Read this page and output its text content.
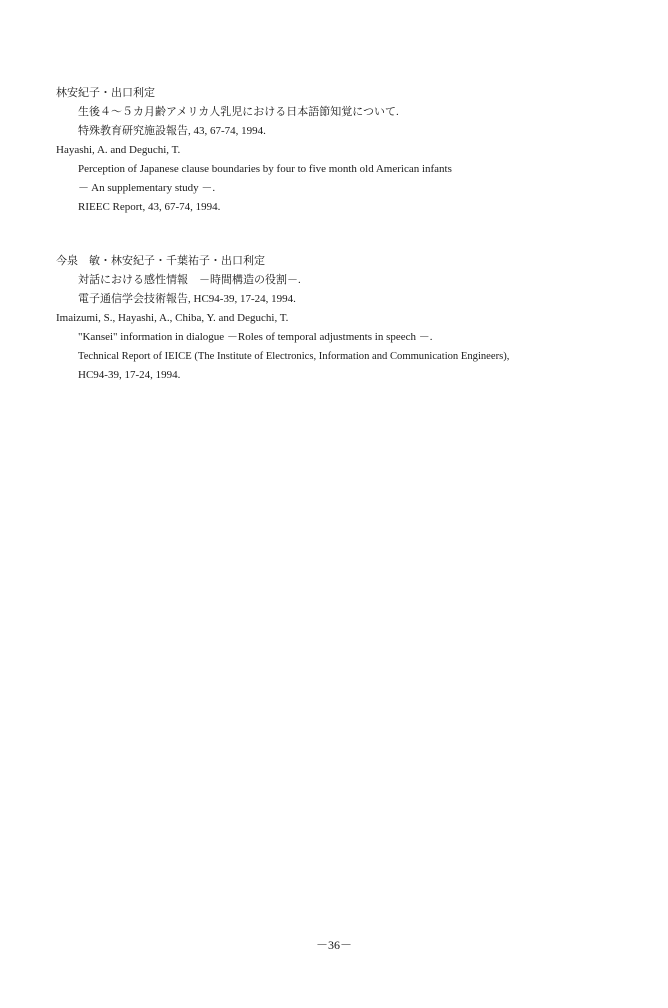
林安紀子・出口利定
生後４～５カ月齢アメリカ人乳児における日本語節知覚について.
特殊教育研究施設報告, 43, 67-74, 1994.
Hayashi, A. and Deguchi, T.
Perception of Japanese clause boundaries by four to five month old American infants
－ An supplementary study －.
RIEEC Report, 43, 67-74, 1994.
今泉　敏・林安紀子・千葉祐子・出口利定
対話における感性情報　－時間構造の役割－.
電子通信学会技術報告, HC94-39, 17-24, 1994.
Imaizumi, S., Hayashi, A., Chiba, Y. and Deguchi, T.
"Kansei" information in dialogue －Roles of temporal adjustments in speech －.
Technical Report of IEICE (The Institute of Electronics, Information and Communication Engineers),
HC94-39, 17-24, 1994.
－36－
